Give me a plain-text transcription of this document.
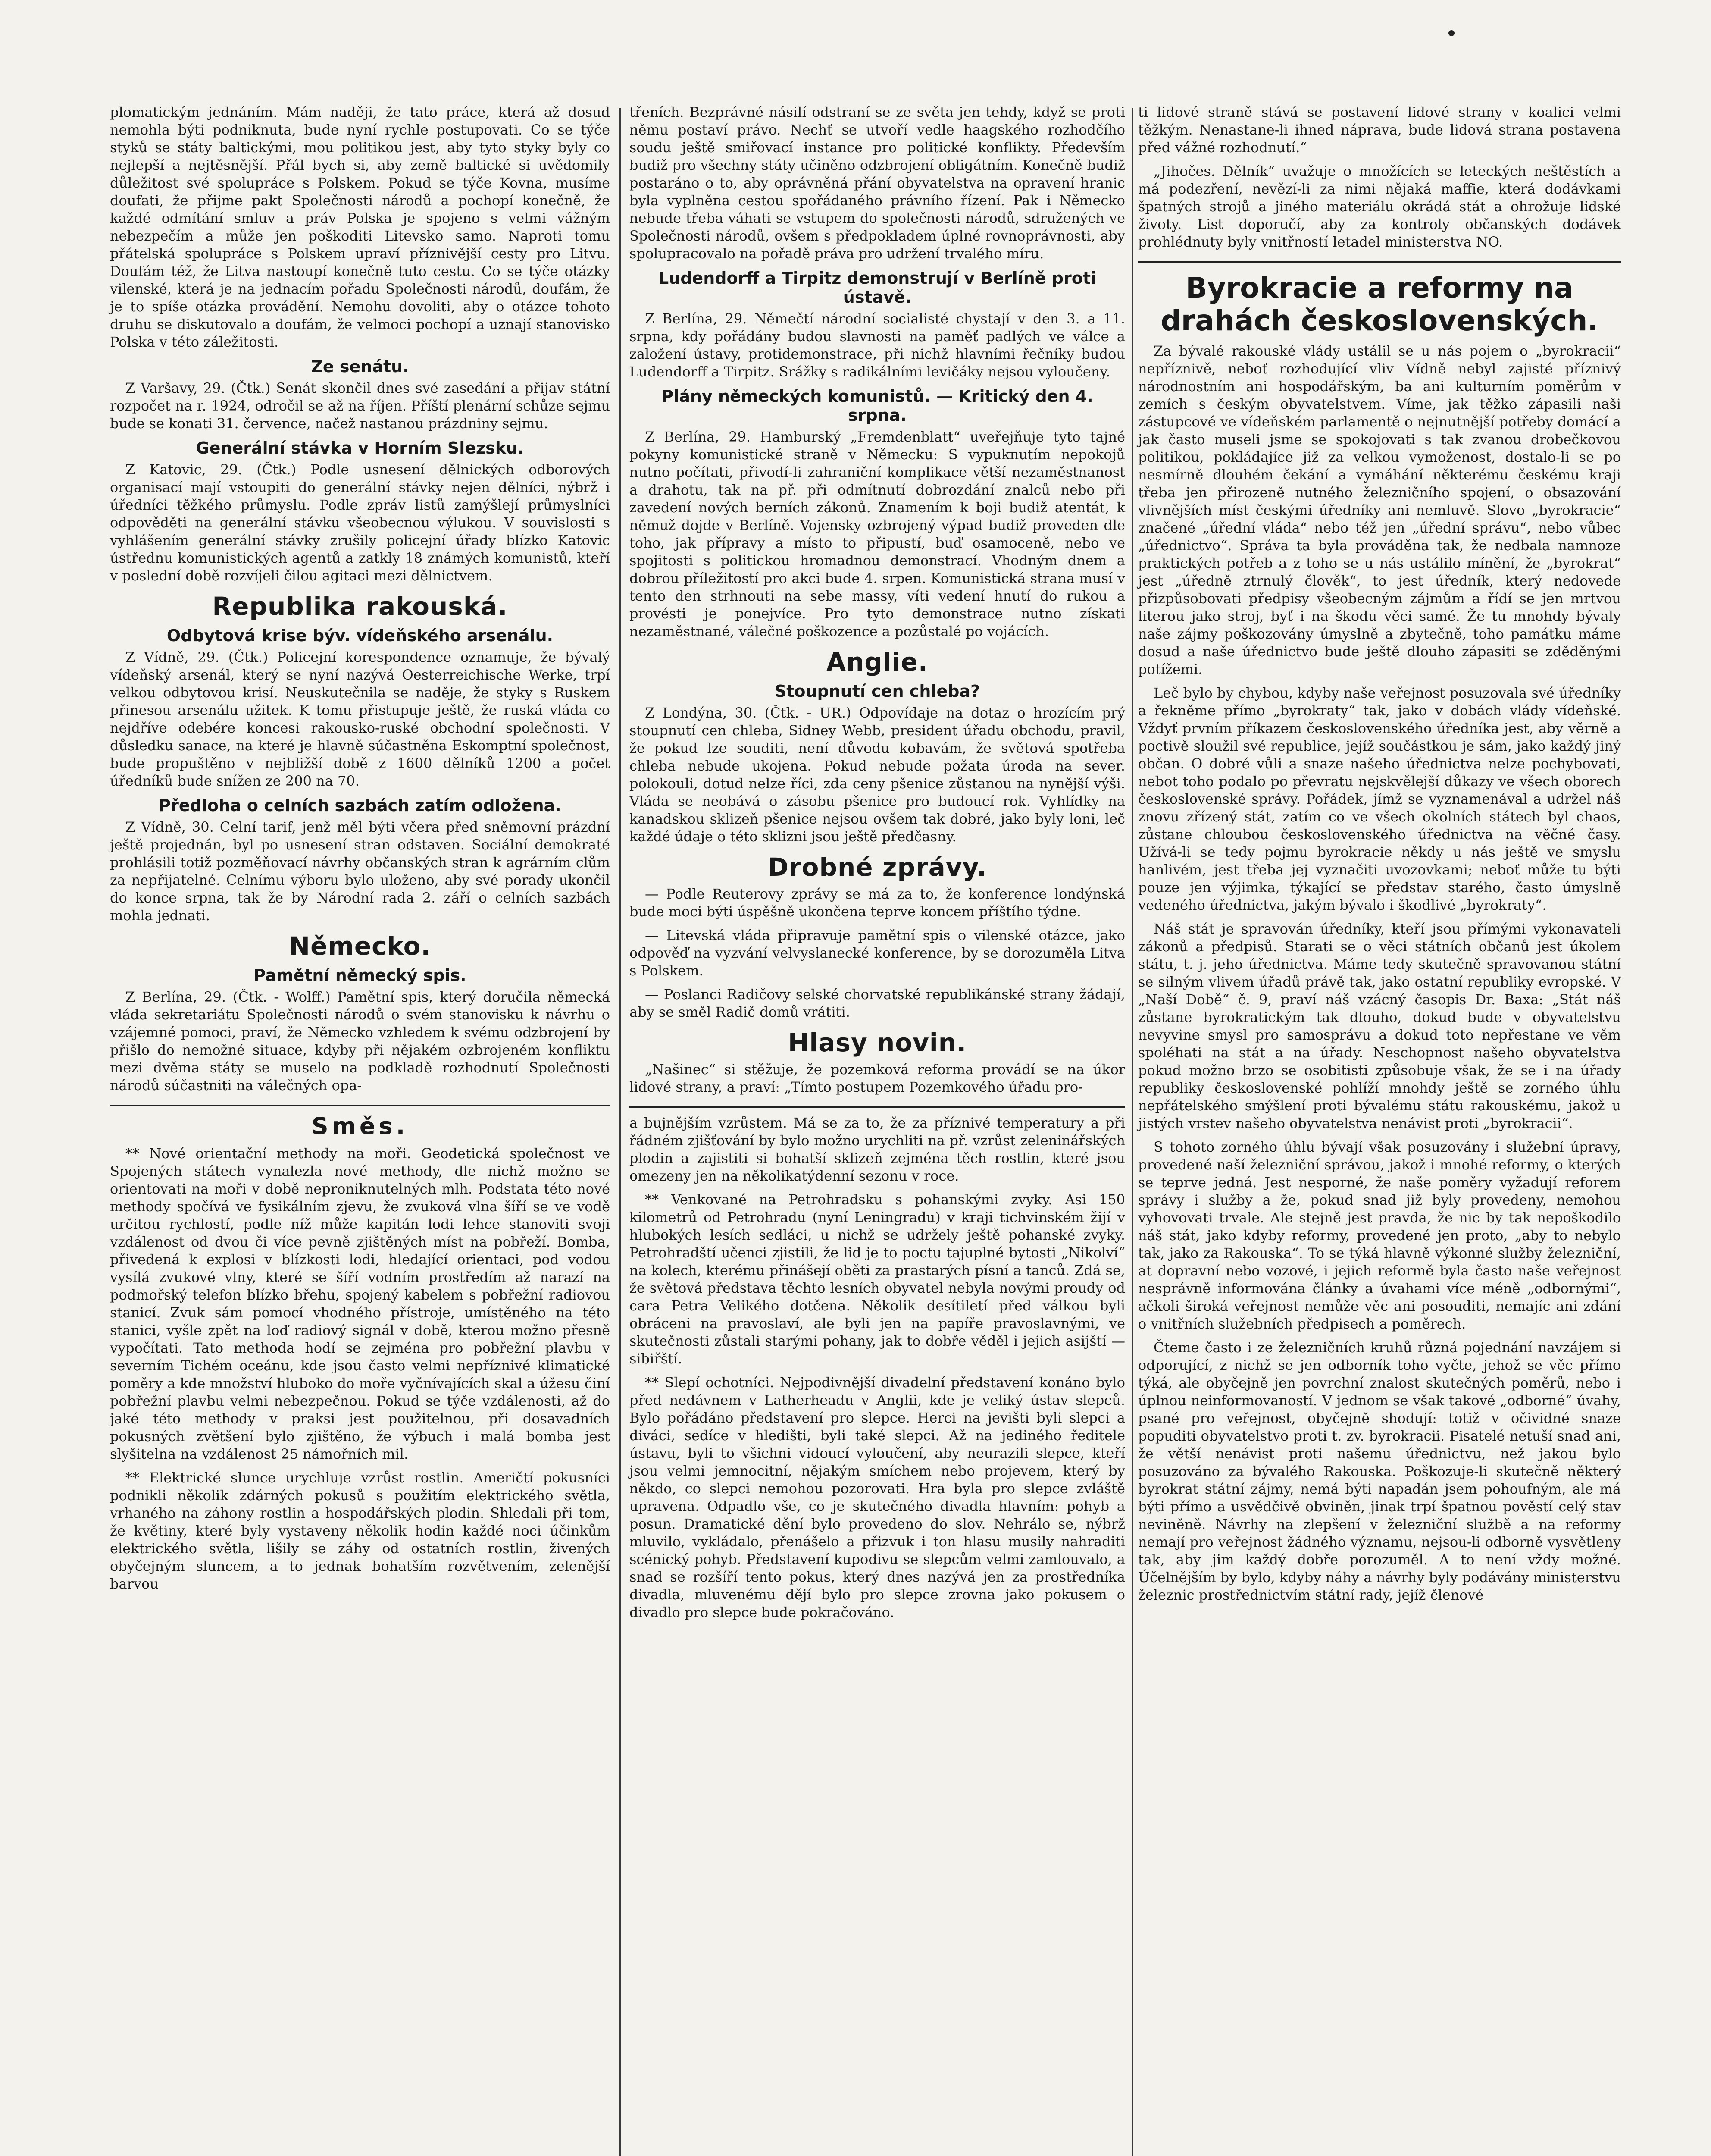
plomatickým jednáním. Mám naději, že tato práce, která až dosud nemohla býti podniknuta, bude nyní rychle postupovati. Co se týče styků se státy baltickými, mou politikou jest, aby tyto styky byly co nejlepší a nejtěsnější. Přál bych si, aby země baltické si uvědomily důležitost své spolupráce s Polskem. Pokud se týče Kovna, musíme doufati, že přijme pakt Společnosti národů a pochopí konečně, že každé odmítání smluv a práv Polska je spojeno s velmi vážným nebezpečím a může jen poškoditi Litevsko samo. Naproti tomu přátelská spolupráce s Polskem upraví příznivější cesty pro Litvu. Doufám též, že Litva nastoupí konečně tuto cestu. Co se týče otázky vilenské, která je na jednacím pořadu Společnosti národů, doufám, že je to spíše otázka provádění. Nemohu dovoliti, aby o otázce tohoto druhu se diskutovalo a doufám, že velmoci pochopí a uznají stanovisko Polska v této záležitosti.

Ze senátu.

Z Varšavy, 29. (Čtk.) Senát skončil dnes své zasedání a přijav státní rozpočet na r. 1924, odročil se až na říjen. Příští plenární schůze sejmu bude se konati 31. července, načež nastanou prázdniny sejmu.

Generální stávka v Horním Slezsku.

Z Katovic, 29. (Čtk.) Podle usnesení dělnických odborových organisací mají vstoupiti do generální stávky nejen dělníci, nýbrž i úředníci těžkého průmyslu. Podle zpráv listů zamýšlejí průmyslníci odpověděti na generální stávku všeobecnou výlukou. V souvislosti s vyhlášením generální stávky zrušily policejní úřady blízko Katovic ústřednu komunistických agentů a zatkly 18 známých komunistů, kteří v poslední době rozvíjeli čilou agitaci mezi dělnictvem.

Republika rakouská.
Odbytová krise býv. vídeňského arsenálu.

Z Vídně, 29. (Čtk.) Policejní korespondence oznamuje, že bývalý vídeňský arsenál, který se nyní nazývá Oesterreichische Werke, trpí velkou odbytovou krisí. Neuskutečnila se naděje, že styky s Ruskem přinesou arsenálu užitek. K tomu přistupuje ještě, že ruská vláda co nejdříve odebére koncesi rakousko-ruské obchodní společnosti. V důsledku sanace, na které je hlavně súčastněna Eskomptní společnost, bude propuštěno v nejbližší době z 1600 dělníků 1200 a počet úředníků bude snížen ze 200 na 70.

Předloha o celních sazbách zatím odložena.

Z Vídně, 30. Celní tarif, jenž měl býti včera před sněmovní prázdní ještě projednán, byl po usnesení stran odstaven. Sociální demokraté prohlásili totiž pozměňovací návrhy občanských stran k agrárním clům za nepřijatelné. Celnímu výboru bylo uloženo, aby své porady ukončil do konce srpna, tak že by Národní rada 2. září o celních sazbách mohla jednati.

Německo.
Pamětní německý spis.

Z Berlína, 29. (Čtk. - Wolff.) Pamětní spis, který doručila německá vláda sekretariátu Společnosti národů o svém stanovisku k návrhu o vzájemné pomoci, praví, že Německo vzhledem k svému odzbrojení by přišlo do nemožné situace, kdyby při nějakém ozbrojeném konfliktu mezi dvěma státy se muselo na podkladě rozhodnutí Společnosti národů súčastniti na válečných opa-

Směs.

** Nové orientační methody na moři. Geodetická společnost ve Spojených státech vynalezla nové methody, dle nichž možno se orientovati na moři v době neproniknutelných mlh. Podstata této nové methody spočívá ve fysikálním zjevu, že zvuková vlna šíří se ve vodě určitou rychlostí, podle níž může kapitán lodi lehce stanoviti svoji vzdálenost od dvou či více pevně zjištěných míst na pobřeží. Bomba, přivedená k explosi v blízkosti lodi, hledající orientaci, pod vodou vysílá zvukové vlny, které se šíří vodním prostředím až narazí na podmořský telefon blízko břehu, spojený kabelem s pobřežní radiovou stanicí. Zvuk sám pomocí vhodného přístroje, umístěného na této stanici, vyšle zpět na loď radiový signál v době, kterou možno přesně vypočítati. Tato methoda hodí se zejména pro pobřežní plavbu v severním Tichém oceánu, kde jsou často velmi nepříznivé klimatické poměry a kde množství hluboko do moře vyčnívajících skal a úžesu činí pobřežní plavbu velmi nebezpečnou. Pokud se týče vzdálenosti, až do jaké této methody v praksi jest použitelnou, při dosavadních pokusných zvětšení bylo zjištěno, že výbuch i malá bomba jest slyšitelna na vzdálenost 25 námořních mil.

** Elektrické slunce urychluje vzrůst rostlin. Američtí pokusníci podnikli několik zdárných pokusů s použitím elektrického světla, vrhaného na záhony rostlin a hospodářských plodin. Shledali při tom, že květiny, které byly vystaveny několik hodin každé noci účinkům elektrického světla, lišily se záhy od ostatních rostlin, živených obyčejným sluncem, a to jednak bohatším rozvětvením, zelenější barvou

třeních. Bezprávné násilí odstraní se ze světa jen tehdy, když se proti němu postaví právo. Nechť se utvoří vedle haagského rozhodčího soudu ještě smiřovací instance pro politické konflikty. Především budiž pro všechny státy učiněno odzbrojení obligátním. Konečně budiž postaráno o to, aby oprávněná přání obyvatelstva na opravení hranic byla vyplněna cestou spořádaného právního řízení. Pak i Německo nebude třeba váhati se vstupem do společnosti národů, sdružených ve Společnosti národů, ovšem s předpokladem úplné rovnoprávnosti, aby spolupracovalo na pořadě práva pro udržení trvalého míru.

Ludendorff a Tirpitz demonstrují v Berlíně proti ústavě.

Z Berlína, 29. Němečtí národní socialisté chystají v den 3. a 11. srpna, kdy pořádány budou slavnosti na paměť padlých ve válce a založení ústavy, protidemonstrace, při nichž hlavními řečníky budou Ludendorff a Tirpitz. Srážky s radikálními levičáky nejsou vyloučeny.

Plány německých komunistů. — Kritický den 4. srpna.

Z Berlína, 29. Hamburský „Fremdenblatt“ uveřejňuje tyto tajné pokyny komunistické straně v Německu: S vypuknutím nepokojů nutno počítati, přivodí-li zahraniční komplikace větší nezaměstnanost a drahotu, tak na př. při odmítnutí dobrozdání znalců nebo při zavedení nových berních zákonů. Znamením k boji budiž atentát, k němuž dojde v Berlíně. Vojensky ozbrojený výpad budiž proveden dle toho, jak přípravy a místo to připustí, buď osamoceně, nebo ve spojitosti s politickou hromadnou demonstrací. Vhodným dnem a dobrou příležitostí pro akci bude 4. srpen. Komunistická strana musí v tento den strhnouti na sebe massy, víti vedení hnutí do rukou a provésti je ponejvíce. Pro tyto demonstrace nutno získati nezaměstnané, válečné poškozence a pozůstalé po vojácích.

Anglie.
Stoupnutí cen chleba?

Z Londýna, 30. (Čtk. - UR.) Odpovídaje na dotaz o hrozícím prý stoupnutí cen chleba, Sidney Webb, president úřadu obchodu, pravil, že pokud lze souditi, není důvodu kobavám, že světová spotřeba chleba nebude ukojena. Pokud nebude požata úroda na sever. polokouli, dotud nelze říci, zda ceny pšenice zůstanou na nynější výši. Vláda se neobává o zásobu pšenice pro budoucí rok. Vyhlídky na kanadskou sklizeň pšenice nejsou ovšem tak dobré, jako byly loni, leč každé údaje o této sklizni jsou ještě předčasny.

Drobné zprávy.

— Podle Reuterovy zprávy se má za to, že konference londýnská bude moci býti úspěšně ukončena teprve koncem příštího týdne.

— Litevská vláda připravuje pamětní spis o vilenské otázce, jako odpověď na vyzvání velvyslanecké konference, by se dorozuměla Litva s Polskem.

— Poslanci Radičovy selské chorvatské republikánské strany žádají, aby se směl Radič domů vrátiti.

Hlasy novin.

„Našinec“ si stěžuje, že pozemková reforma provádí se na úkor lidové strany, a praví: „Tímto postupem Pozemkového úřadu pro-

a bujnějším vzrůstem. Má se za to, že za příznivé temperatury a při řádném zjišťování by bylo možno urychliti na př. vzrůst zeleninářských plodin a zajistiti si bohatší sklizeň zejména těch rostlin, které jsou omezeny jen na několikatýdenní sezonu v roce.

** Venkované na Petrohradsku s pohanskými zvyky. Asi 150 kilometrů od Petrohradu (nyní Leningradu) v kraji tichvinském žijí v hlubokých lesích sedláci, u nichž se udržely ještě pohanské zvyky. Petrohradští učenci zjistili, že lid je to poctu tajuplné bytosti „Nikolví“ na kolech, kterému přinášejí oběti za prastarých písní a tanců. Zdá se, že světová představa těchto lesních obyvatel nebyla novými proudy od cara Petra Velikého dotčena. Několik desítiletí před válkou byli obráceni na pravoslaví, ale byli jen na papíře pravoslavnými, ve skutečnosti zůstali starými pohany, jak to dobře věděl i jejich asijští — sibiřští.

** Slepí ochotníci. Nejpodivnější divadelní představení konáno bylo před nedávnem v Latherheadu v Anglii, kde je veliký ústav slepců. Bylo pořádáno představení pro slepce. Herci na jevišti byli slepci a diváci, sedíce v hledišti, byli také slepci. Až na jediného ředitele ústavu, byli to všichni vidoucí vyloučení, aby neurazili slepce, kteří jsou velmi jemnocitní, nějakým smíchem nebo projevem, který by někdo, co slepci nemohou pozorovati. Hra byla pro slepce zvláště upravena. Odpadlo vše, co je skutečného divadla hlavním: pohyb a posun. Dramatické dění bylo provedeno do slov. Nehrálo se, nýbrž mluvilo, vykládalo, přenášelo a přizvuk i ton hlasu musily nahraditi scénický pohyb. Představení kupodivu se slepcům velmi zamlouvalo, a snad se rozšíří tento pokus, který dnes nazývá jen za prostředníka divadla, mluvenému dějí bylo pro slepce zrovna jako pokusem o divadlo pro slepce bude pokračováno.

ti lidové straně stává se postavení lidové strany v koalici velmi těžkým. Nenastane-li ihned náprava, bude lidová strana postavena před vážné rozhodnutí.“

„Jihočes. Dělník“ uvažuje o množících se leteckých neštěstích a má podezření, nevězí-li za nimi nějaká maffie, která dodávkami špatných strojů a jiného materiálu okrádá stát a ohrožuje lidské životy. List doporučí, aby za kontroly občanských dodávek prohlédnuty byly vnitřností letadel ministerstva NO.

Byrokracie a reformy na drahách československých.

Za bývalé rakouské vlády ustálil se u nás pojem o „byrokracii“ nepříznivě, neboť rozhodující vliv Vídně nebyl zajisté příznivý národnostním ani hospodářským, ba ani kulturním poměrům v zemích s českým obyvatelstvem. Víme, jak těžko zápasili naši zástupcové ve vídeňském parlamentě o nejnutnější potřeby domácí a jak často museli jsme se spokojovati s tak zvanou drobečkovou politikou, pokládajíce již za velkou vymoženost, dostalo-li se po nesmírně dlouhém čekání a vymáhání některému českému kraji třeba jen přirozeně nutného železničního spojení, o obsazování vlivnějších míst českými úředníky ani nemluvě. Slovo „byrokracie“ značené „úřední vláda“ nebo též jen „úřední správu“, nebo vůbec „úřednictvo“. Správa ta byla prováděna tak, že nedbala namnoze praktických potřeb a z toho se u nás ustálilo mínění, že „byrokrat“ jest „úředně ztrnulý člověk“, to jest úředník, který nedovede přizpůsobovati předpisy všeobecným zájmům a řídí se jen mrtvou literou jako stroj, byť i na škodu věci samé. Že tu mnohdy bývaly naše zájmy poškozovány úmyslně a zbytečně, toho památku máme dosud a naše úřednictvo bude ještě dlouho zápasiti se zděděnými potížemi.

Leč bylo by chybou, kdyby naše veřejnost posuzovala své úředníky a řekněme přímo „byrokraty“ tak, jako v dobách vlády vídeňské. Vždyť prvním příkazem československého úředníka jest, aby věrně a poctivě sloužil své republice, jejíž součástkou je sám, jako každý jiný občan. O dobré vůli a snaze našeho úřednictva nelze pochybovati, nebot toho podalo po převratu nejskvělejší důkazy ve všech oborech československé správy. Pořádek, jímž se vyznamenával a udržel náš znovu zřízený stát, zatím co ve všech okolních státech byl chaos, zůstane chloubou československého úřednictva na věčné časy. Užívá-li se tedy pojmu byrokracie někdy u nás ještě ve smyslu hanlivém, jest třeba jej vyznačiti uvozovkami; neboť může tu býti pouze jen výjimka, týkající se představ starého, často úmyslně vedeného úřednictva, jakým bývalo i škodlivé „byrokraty“.

Náš stát je spravován úředníky, kteří jsou přímými vykonavateli zákonů a předpisů. Starati se o věci státních občanů jest úkolem státu, t. j. jeho úřednictva. Máme tedy skutečně spravovanou státní se silným vlivem úřadů právě tak, jako ostatní republiky evropské. V „Naší Době“ č. 9, praví náš vzácný časopis Dr. Baxa: „Stát náš zůstane byrokratickým tak dlouho, dokud bude v obyvatelstvu nevyvine smysl pro samosprávu a dokud toto nepřestane ve věm spoléhati na stát a na úřady. Neschopnost našeho obyvatelstva pokud možno brzo se osobitisti způsobuje však, že se i na úřady republiky československé pohlíží mnohdy ještě se zorného úhlu nepřátelského smýšlení proti bývalému státu rakouskému, jakož u jistých vrstev našeho obyvatelstva nenávist proti „byrokracii“.

S tohoto zorného úhlu bývají však posuzovány i služební úpravy, provedené naší železniční správou, jakož i mnohé reformy, o kterých se teprve jedná. Jest nesporné, že naše poměry vyžadují reforem správy i služby a že, pokud snad již byly provedeny, nemohou vyhovovati trvale. Ale stejně jest pravda, že nic by tak nepoškodilo náš stát, jako kdyby reformy, provedené jen proto, „aby to nebylo tak, jako za Rakouska“. To se týká hlavně výkonné služby železniční, at dopravní nebo vozové, i jejich reformě byla často naše veřejnost nesprávně informována články a úvahami více méně „odbornými“, ačkoli široká veřejnost nemůže věc ani posouditi, nemajíc ani zdání o vnitřních služebních předpisech a poměrech.

Čteme často i ze železničních kruhů různá pojednání navzájem si odporující, z nichž se jen odborník toho vyčte, jehož se věc přímo týká, ale obyčejně jen povrchní znalost skutečných poměrů, nebo i úplnou neinformovaností. V jednom se však takové „odborné“ úvahy, psané pro veřejnost, obyčejně shodují: totiž v očividné snaze popuditi obyvatelstvo proti t. zv. byrokracii. Pisatelé netuší snad ani, že větší nenávist proti našemu úřednictvu, než jakou bylo posuzováno za bývalého Rakouska. Poškozuje-li skutečně některý byrokrat státní zájmy, nemá býti napadán jsem pohoufným, ale má býti přímo a usvědčivě obviněn, jinak trpí špatnou pověstí celý stav neviněně. Návrhy na zlepšení v železniční službě a na reformy nemají pro veřejnost žádného významu, nejsou-li odborně vysvětleny tak, aby jim každý dobře porozuměl. A to není vždy možné. Účelnějším by bylo, kdyby náhy a návrhy byly podávány ministerstvu železnic prostřednictvím státní rady, jejíž členové
